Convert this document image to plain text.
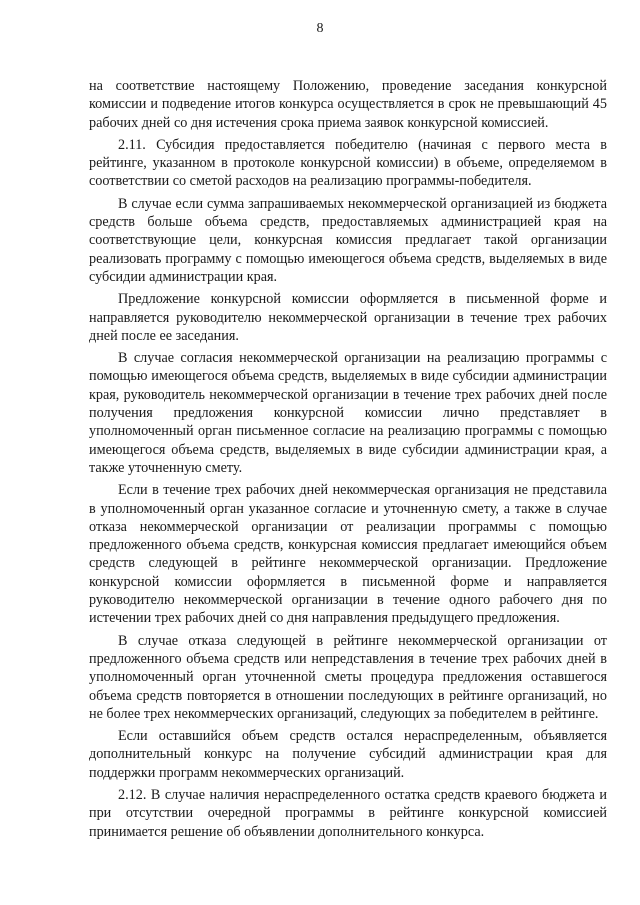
8

на соответствие настоящему Положению, проведение заседания конкурсной комиссии и подведение итогов конкурса осуществляется в срок не превышающий 45 рабочих дней со дня истечения срока приема заявок конкурсной комиссией.

2.11. Субсидия предоставляется победителю (начиная с первого места в рейтинге, указанном в протоколе конкурсной комиссии) в объеме, определяемом в соответствии со сметой расходов на реализацию программы-победителя.

В случае если сумма запрашиваемых некоммерческой организацией из бюджета средств больше объема средств, предоставляемых администрацией края на соответствующие цели, конкурсная комиссия предлагает такой организации реализовать программу с помощью имеющегося объема средств, выделяемых в виде субсидии администрации края.

Предложение конкурсной комиссии оформляется в письменной форме и направляется руководителю некоммерческой организации в течение трех рабочих дней после ее заседания.

В случае согласия некоммерческой организации на реализацию программы с помощью имеющегося объема средств, выделяемых в виде субсидии администрации края, руководитель некоммерческой организации в течение трех рабочих дней после получения предложения конкурсной комиссии лично представляет в уполномоченный орган письменное согласие на реализацию программы с помощью имеющегося объема средств, выделяемых в виде субсидии администрации края, а также уточненную смету.

Если в течение трех рабочих дней некоммерческая организация не представила в уполномоченный орган указанное согласие и уточненную смету, а также в случае отказа некоммерческой организации от реализации программы с помощью предложенного объема средств, конкурсная комиссия предлагает имеющийся объем средств следующей в рейтинге некоммерческой организации. Предложение конкурсной комиссии оформляется в письменной форме и направляется руководителю некоммерческой организации в течение одного рабочего дня по истечении трех рабочих дней со дня направления предыдущего предложения.

В случае отказа следующей в рейтинге некоммерческой организации от предложенного объема средств или непредставления в течение трех рабочих дней в уполномоченный орган уточненной сметы процедура предложения оставшегося объема средств повторяется в отношении последующих в рейтинге организаций, но не более трех некоммерческих организаций, следующих за победителем в рейтинге.

Если оставшийся объем средств остался нераспределенным, объявляется дополнительный конкурс на получение субсидий администрации края для поддержки программ некоммерческих организаций.

2.12. В случае наличия нераспределенного остатка средств краевого бюджета и при отсутствии очередной программы в рейтинге конкурсной комиссией принимается решение об объявлении дополнительного конкурса.
